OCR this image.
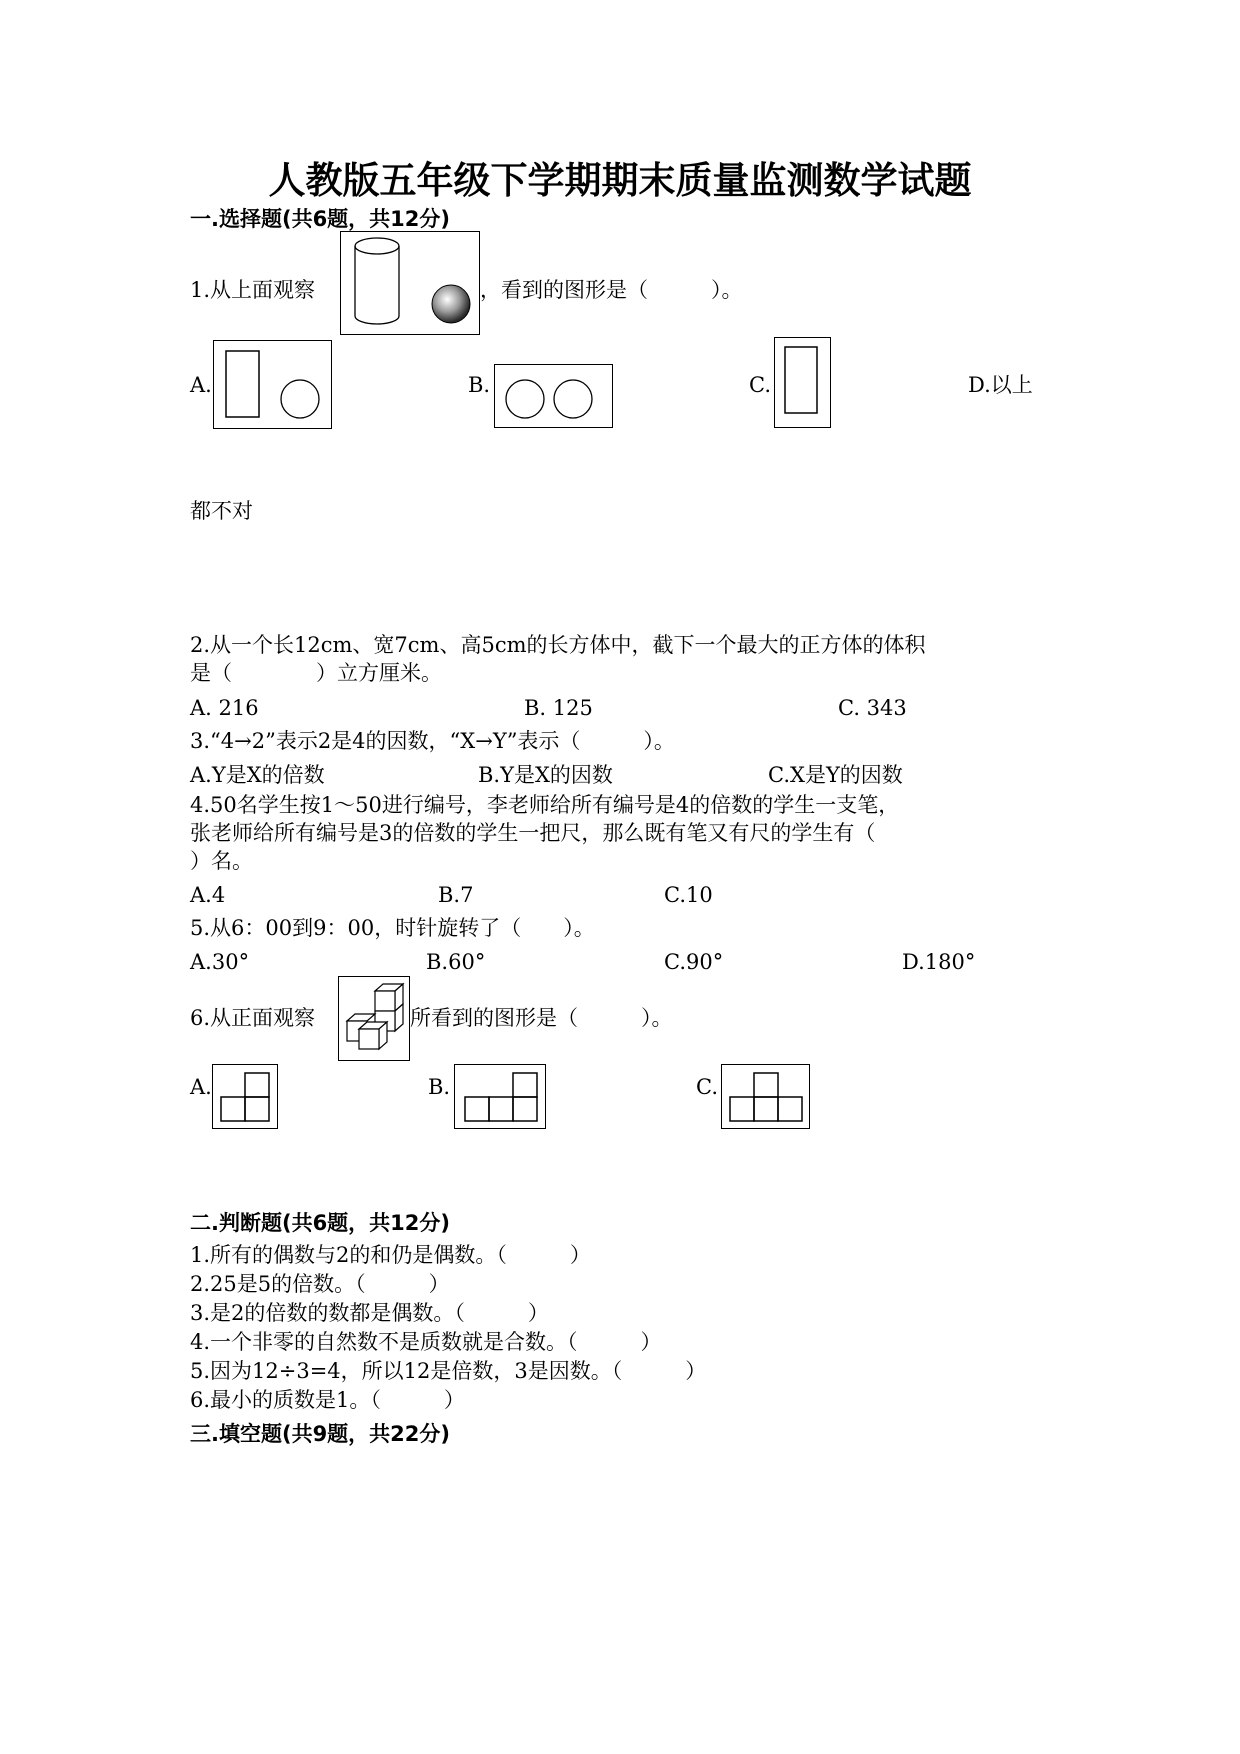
人教版五年级下学期期末质量监测数学试题
一.选择题(共6题，共12分)
1.从上面观察	，看到的图形是（　　　）。
A.	B.	C.	D.以上
都不对
2.从一个长12cm、宽7cm、高5cm的长方体中，截下一个最大的正方体的体积
是（　　　　）立方厘米。
A. 216	B. 125	C. 343
3.“4→2”表示2是4的因数，“X→Y”表示（　　　）。
A.Y是X的倍数	B.Y是X的因数	C.X是Y的因数
4.50名学生按1～50进行编号，李老师给所有编号是4的倍数的学生一支笔，
张老师给所有编号是3的倍数的学生一把尺，那么既有笔又有尺的学生有（
）名。
A.4	B.7	C.10
5.从6：00到9：00，时针旋转了（　　）。
A.30°	B.60°	C.90°	D.180°
6.从正面观察	所看到的图形是（　　　）。
A.	B.	C.
二.判断题(共6题，共12分)
1.所有的偶数与2的和仍是偶数。（　　　）
2.25是5的倍数。（　　　）
3.是2的倍数的数都是偶数。（　　　）
4.一个非零的自然数不是质数就是合数。（　　　）
5.因为12÷3=4，所以12是倍数，3是因数。（　　　）
6.最小的质数是1。（　　　）
三.填空题(共9题，共22分)
